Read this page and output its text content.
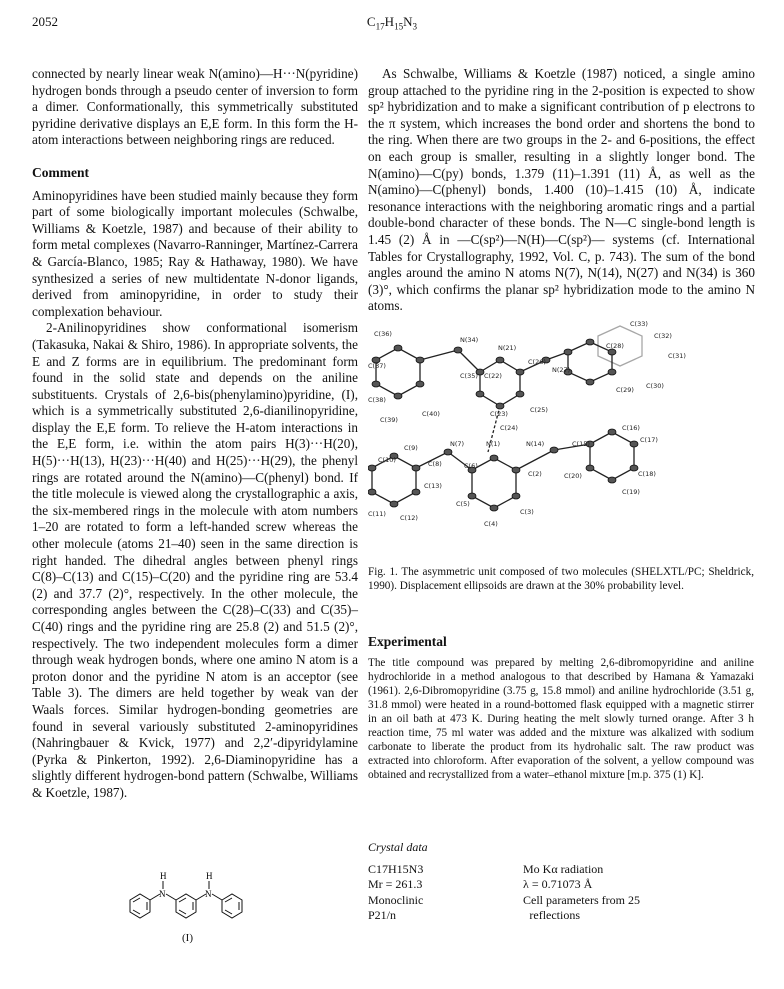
2052	$C_{17}H_{15}N_3$

connected by nearly linear weak N(amino)—H···N(pyridine) hydrogen bonds through a pseudo center of inversion to form a dimer. Conformationally, this symmetrically substituted pyridine derivative displays an E,E form. In this form the H-atom interactions between neighboring rings are reduced.

Comment

Aminopyridines have been studied mainly because they form part of some biologically important molecules (Schwalbe, Williams & Koetzle, 1987) and because of their ability to form metal complexes (Navarro-Ranninger, Martínez-Carrera & García-Blanco, 1985; Ray & Hathaway, 1980). We have synthesized a series of new multidentate N-donor ligands, derived from aminopyridine, in order to study their complexation behaviour.

2-Anilinopyridines show conformational isomerism (Takasuka, Nakai & Shiro, 1986). In appropriate solvents, the E and Z forms are in equilibrium. The predominant form found in the solid state and depends on the aniline substituents. Crystals of 2,6-bis(phenylamino)pyridine, (I), which is a symmetrically substituted 2,6-dianilinopyridine, display the E,E form. To relieve the H-atom interactions in the E,E form, i.e. within the atom pairs H(3)···H(20), H(5)···H(13), H(23)···H(40) and H(25)···H(29), the phenyl rings are rotated around the N(amino)—C(phenyl) bond. If the title molecule is viewed along the crystallographic a axis, the six-membered rings in the molecule with atom numbers 1–20 are rotated to form a left-handed screw whereas the other molecule (atoms 21–40) seen in the same direction is right handed. The dihedral angles between phenyl rings C(8)–C(13) and C(15)–C(20) and the pyridine ring are 53.4 (2) and 37.7 (2)°, respectively. In the other molecule, the corresponding angles between the C(28)–C(33) and C(35)–C(40) rings and the pyridine ring are 25.8 (2) and 51.5 (2)°, respectively. The two independent molecules form a dimer through weak hydrogen bonds, where one amino N atom is a proton donor and the pyridine N atom is an acceptor (see Table 3). The dimers are held together by weak van der Waals forces. Similar hydrogen-bonding geometries are found in several variously substituted 2-aminopyridines (Nahringbauer & Kvick, 1977) and 2,2′-dipyridylamine (Pyrka & Pinkerton, 1992). 2,6-Diaminopyridine has a slightly different hydrogen-bond pattern (Schwalbe, Williams & Koetzle, 1987).

H
N
H
N
(I)

As Schwalbe, Williams & Koetzle (1987) noticed, a single amino group attached to the pyridine ring in the 2-position is expected to show sp² hybridization and to make a significant contribution of p electrons to the π system, which increases the bond order and shortens the bond to the ring. When there are two groups in the 2- and 6-positions, the effect on each group is smaller, resulting in a slightly longer bond. The N(amino)—C(py) bonds, 1.379 (11)–1.391 (11) Å, as well as the N(amino)—C(phenyl) bonds, 1.400 (10)–1.415 (10) Å, indicate resonance interactions with the neighboring aromatic rings and a partial double-bond character of these bonds. The N—C single-bond length is 1.45 (2) Å in —C(sp²)—N(H)—C(sp²)— systems (cf. International Tables for Crystallography, 1992, Vol. C, p. 743). The sum of the bond angles around the amino N atoms N(7), N(14), N(27) and N(34) is 360 (3)°, which confirms the planar sp² hybridization mode to the amino N atoms.

C(33)
C(32)
C(36)
N(34)
N(21)	C(28)
C(31)
C(37)	C(26)
N(27)
C(35) C(22)
C(29) C(30)
C(38)
C(23)	C(25)
C(39)
C(40)
C(24)	C(16)
C(17)
C(9)	N(7)	N(1)	N(14)	C(15)
C(10)	C(8)	C(6)
C(2)	C(20)	C(18)
C(13)
C(19)
C(11) C(12)
C(5)
C(3)
C(4)
Fig. 1. The asymmetric unit composed of two molecules (SHELXTL/PC; Sheldrick, 1990). Displacement ellipsoids are drawn at the 30% probability level.
Experimental
The title compound was prepared by melting 2,6-dibromopyridine and aniline hydrochloride in a method analogous to that described by Hamana & Yamazaki (1961). 2,6-Dibromopyridine (3.75 g, 15.8 mmol) and aniline hydrochloride (3.51 g, 31.8 mmol) were heated in a round-bottomed flask equipped with a magnetic stirrer in an oil bath at 473 K. During heating the melt slowly turned orange. After 3 h reaction time, 75 ml water was added and the mixture was alkalized with sodium carbonate to liberate the product from its hydrohalic salt. The raw product was extracted into chloroform. After evaporation of the solvent, a yellow compound was obtained and recrystallized from a water–ethanol mixture [m.p. 375 (1) K].
Crystal data
C17H15N3	Mo Kα radiation
Mr = 261.3	λ = 0.71073 Å
Monoclinic	Cell parameters from 25
P21/n	reflections
